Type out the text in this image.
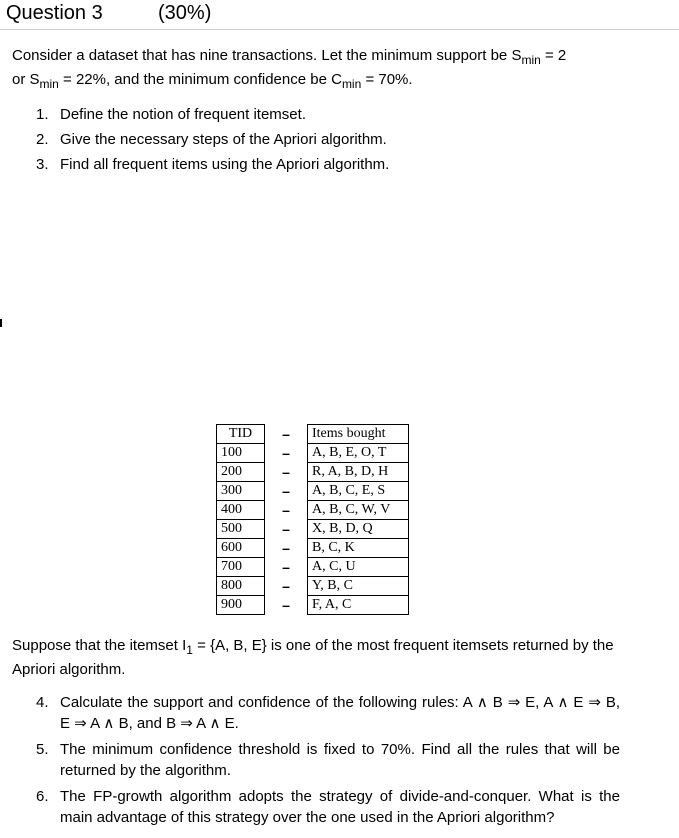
Question 3	(30%)
Consider a dataset that has nine transactions. Let the minimum support be $S_{min} = 2$
or $S_{min} = 22\%$, and the minimum confidence be $C_{min} = 70\%$.
1. Define the notion of frequent itemset.
2. Give the necessary steps of the Apriori algorithm.
3. Find all frequent items using the Apriori algorithm.
TID	–	Items bought
100	–	A, B, E, O, T
200	–	R, A, B, D, H
300	–	A, B, C, E, S
400	–	A, B, C, W, V
500	–	X, B, D, Q
600	–	B, C, K
700	–	A, C, U
800	–	Y, B, C
900	–	F, A, C
Suppose that the itemset $I_1 = \{A$, B, E} is one of the most frequent itemsets returned by the Apriori algorithm.
4. Calculate the support and confidence of the following rules: A ∧ B ⇒ E, A ∧ E ⇒ B, E ⇒ A ∧ B, and B ⇒ A ∧ E.
5. The minimum confidence threshold is fixed to 70%. Find all the rules that will be returned by the algorithm.
6. The FP-growth algorithm adopts the strategy of divide-and-conquer. What is the main advantage of this strategy over the one used in the Apriori algorithm?
